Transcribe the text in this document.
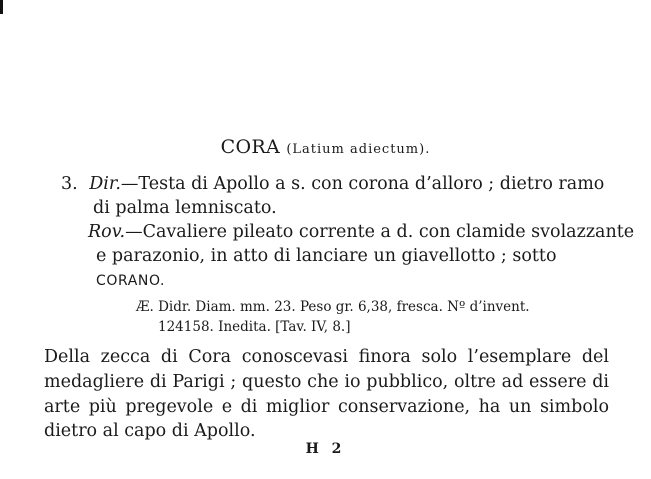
CORA (Latium adiectum).
3. Dir.—Testa di Apollo a s. con corona d’alloro ; dietro ramo
di palma lemniscato.
Rov.—Cavaliere pileato corrente a d. con clamide svolazzante
e parazonio, in atto di lanciare un giavellotto ; sotto
CORANO.
Æ. Didr. Diam. mm. 23. Peso gr. 6,38, fresca. Nº d’invent.
124158. Inedita. [Tav. IV, 8.]
Della zecca di Cora conoscevasi finora solo l’esemplare del
medagliere di Parigi ; questo che io pubblico, oltre ad essere di
arte più pregevole e di miglior conservazione, ha un simbolo
dietro al capo di Apollo.
H 2
